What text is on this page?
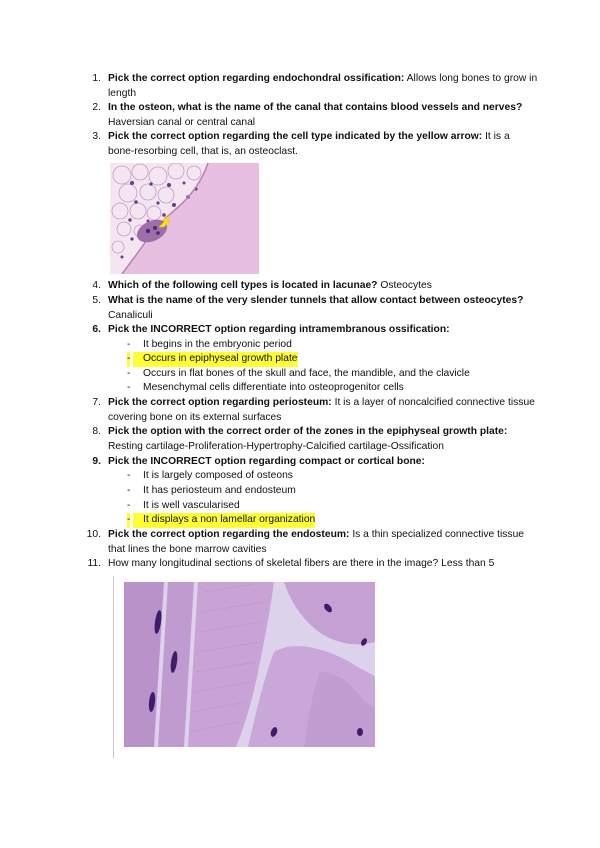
1. Pick the correct option regarding endochondral ossification: Allows long bones to grow in length
2. In the osteon, what is the name of the canal that contains blood vessels and nerves? Haversian canal or central canal
3. Pick the correct option regarding the cell type indicated by the yellow arrow: It is a bone-resorbing cell, that is, an osteoclast.
4. Which of the following cell types is located in lacunae? Osteocytes
5. What is the name of the very slender tunnels that allow contact between osteocytes? Canaliculi
6. Pick the INCORRECT option regarding intramembranous ossification:
- It begins in the embryonic period
-	Occurs in epiphyseal growth plate
- Occurs in flat bones of the skull and face, the mandible, and the clavicle
- Mesenchymal cells differentiate into osteoprogenitor cells
7. Pick the correct option regarding periosteum: It is a layer of noncalcified connective tissue covering bone on its external surfaces
8. Pick the option with the correct order of the zones in the epiphyseal growth plate: Resting cartilage-Proliferation-Hypertrophy-Calcified cartilage-Ossification
9. Pick the INCORRECT option regarding compact or cortical bone:
- It is largely composed of osteons
- It has periosteum and endosteum
- It is well vascularised
-	It displays a non lamellar organization
10. Pick the correct option regarding the endosteum: Is a thin specialized connective tissue that lines the bone marrow cavities
11. How many longitudinal sections of skeletal fibers are there in the image? Less than 5
